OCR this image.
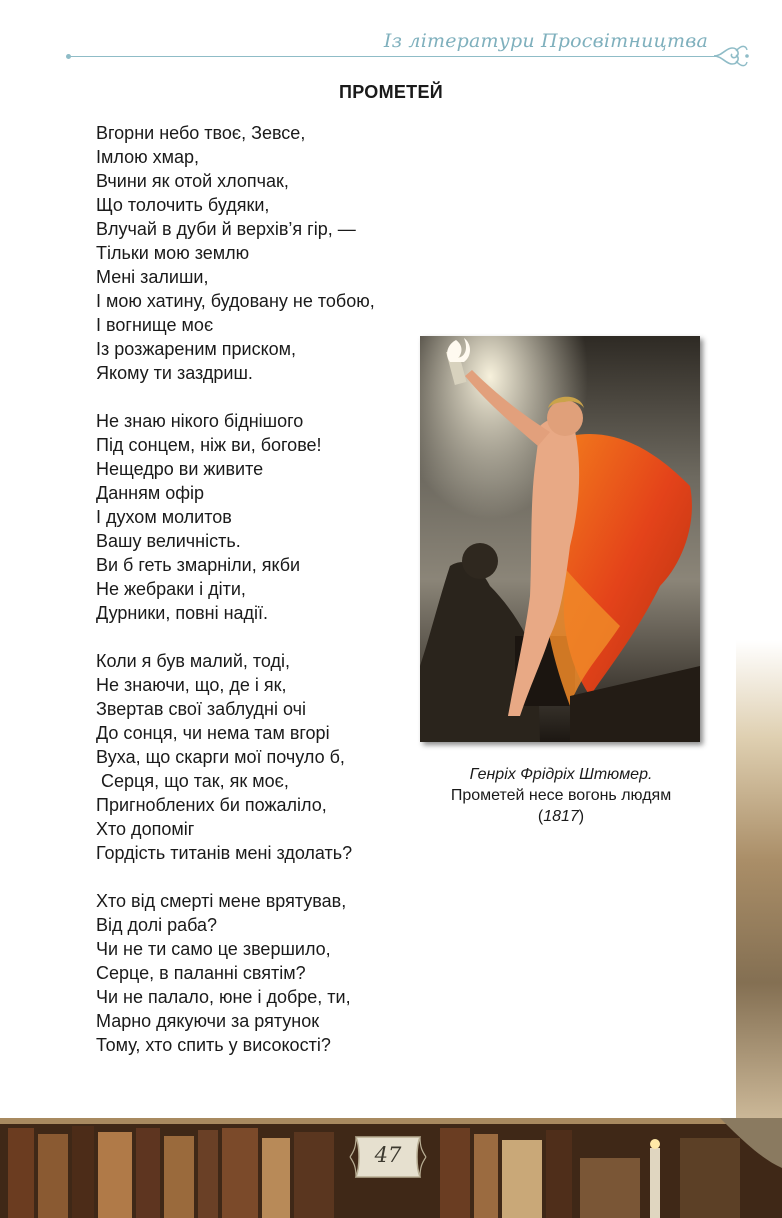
Із літератури Просвітництва
ПРОМЕТЕЙ
Вгорни небо твоє, Зевсе,
Імлою хмар,
Вчини як отой хлопчак,
Що толочить будяки,
Влучай в дуби й верхів’я гір, —
Тільки мою землю
Мені залиши,
І мою хатину, будовану не тобою,
І вогнище моє
Із розжареним приском,
Якому ти заздриш.
Не знаю нікого біднішого
Під сонцем, ніж ви, богове!
Нещедро ви живите
Данням офір
І духом молитов
Вашу величність.
Ви б геть змарніли, якби
Не жебраки і діти,
Дурники, повні надії.
Коли я був малий, тоді,
Не знаючи, що, де і як,
Звертав свої заблудні очі
До сонця, чи нема там вгорі
Вуха, що скарги мої почуло б,
Серця, що так, як моє,
Пригноблених би пожаліло,
Хто допоміг
Гордість титанів мені здолать?
Хто від смерті мене врятував,
Від долі раба?
Чи не ти само це звершило,
Серце, в паланні святім?
Чи не палало, юне і добре, ти,
Марно дякуючи за рятунок
Тому, хто спить у високості?
Генріх Фрідріх Штюмер.
Прометей несе вогонь людям
(1817)
47
